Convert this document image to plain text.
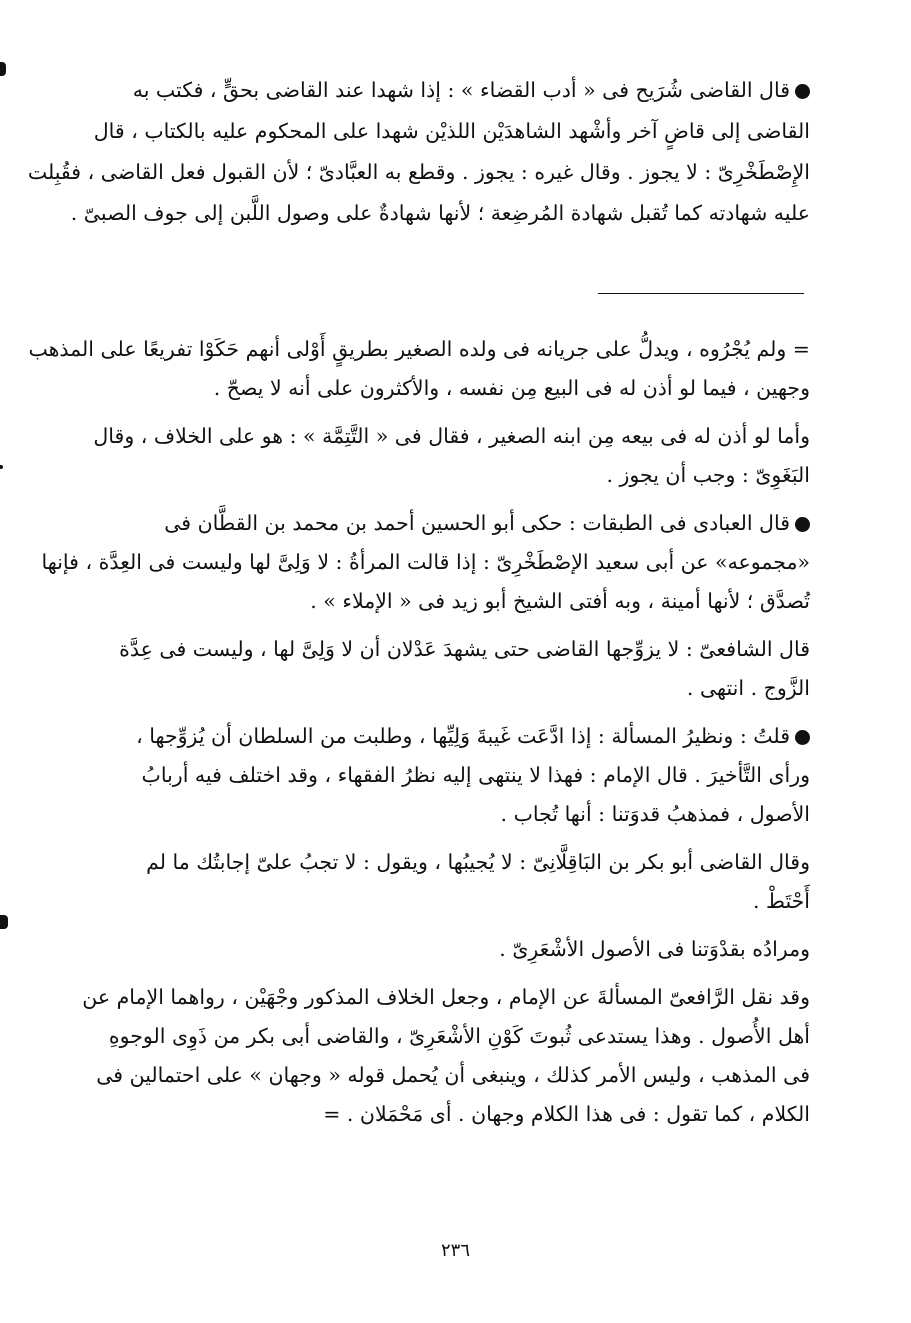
قال القاضى شُرَيح فى « أدب القضاء » : إذا شهدا عند القاضى بحقٍّ ، فكتب به
القاضى إلى قاضٍ آخر وأشْهد الشاهدَيْن اللذيْن شهدا على المحكوم عليه بالكتاب ، قال
الإِصْطَخْرِىّ : لا يجوز . وقال غيره : يجوز . وقطع به العبَّادىّ ؛ لأن القبول فعل القاضى ، فقُبِلت
عليه شهادته كما تُقبل شهادة المُرضِعة ؛ لأنها شهادةٌ على وصول اللَّبن إلى جوف الصبىّ .

= ولم يُجْرُوه ، ويدلُّ على جريانه فى ولده الصغير بطريقٍ أَوْلى أنهم حَكَوْا تفريعًا على المذهب
وجهين ، فيما لو أذن له فى البيع مِن نفسه ، والأكثرون على أنه لا يصحّ .

وأما لو أذن له فى بيعه مِن ابنه الصغير ، فقال فى « التَّتِمَّة » : هو على الخلاف ، وقال
البَغَوِىّ : وجب أن يجوز .

قال العبادى فى الطبقات : حكى أبو الحسين أحمد بن محمد بن القطَّان فى
«مجموعه» عن أبى سعيد الإصْطَخْرِىّ : إذا قالت المرأةُ : لا وَلِىَّ لها وليست فى العِدَّة ، فإنها
تُصدَّق ؛ لأنها أمينة ، وبه أفتى الشيخ أبو زيد فى « الإملاء » .

قال الشافعىّ : لا يزوِّجها القاضى حتى يشهدَ عَدْلان أن لا وَلِىَّ لها ، وليست فى عِدَّة
الزَّوج . انتهى .

قلتُ : ونظيرُ المسألة : إذا ادَّعَت غَيبةَ وَلِيِّها ، وطلبت من السلطان أن يُزوِّجها ،
ورأى التَّأخيرَ . قال الإمام : فهذا لا ينتهى إليه نظرُ الفقهاء ، وقد اختلف فيه أربابُ
الأصول ، فمذهبُ قدوَتنا : أنها تُجاب .

وقال القاضى أبو بكر بن البَاقِلَّانِىّ : لا يُجيبُها ، ويقول : لا تجبُ علىّ إجابتُك ما لم
أَحْتَطْ .

ومرادُه بقدْوَتنا فى الأصول الأشْعَرِىّ .

وقد نقل الرَّافعىّ المسألةَ عن الإمام ، وجعل الخلاف المذكور وجْهَيْن ، رواهما الإمام عن
أهل الأُصول . وهذا يستدعى ثُبوتَ كَوْنِ الأشْعَرِىّ ، والقاضى أبى بكر من ذَوِى الوجوهِ
فى المذهب ، وليس الأمر كذلك ، وينبغى أن يُحمل قوله « وجهان » على احتمالين فى
الكلام ، كما تقول : فى هذا الكلام وجهان . أى مَحْمَلان . =

٢٣٦
